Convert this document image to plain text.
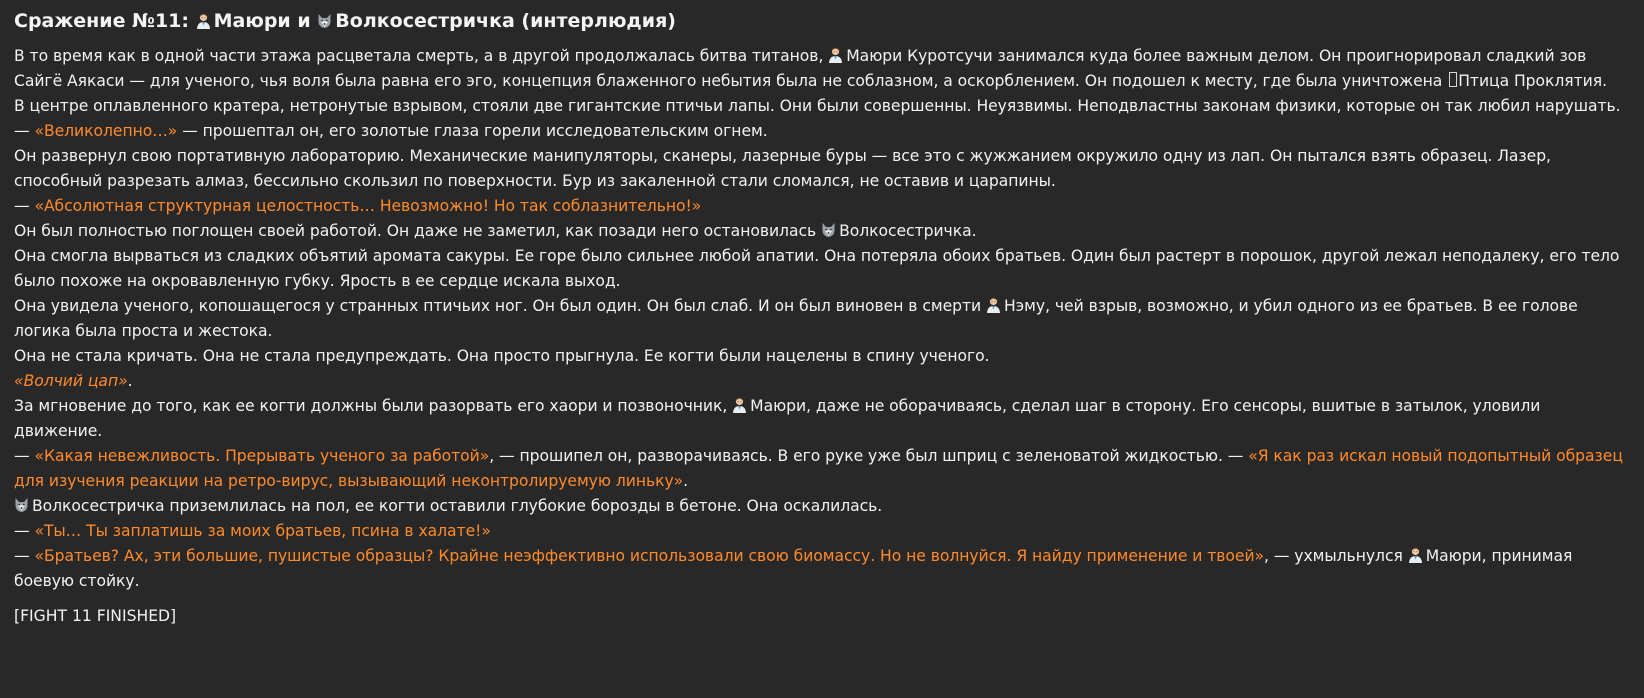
Сражение №11: Маюри и Волкосестричка (интерлюдия)

В то время как в одной части этажа расцветала смерть, а в другой продолжалась битва титанов, Маюри Куротсучи занимался куда более важным делом. Он проигнорировал сладкий зов Сайгё Аякаси — для ученого, чья воля была равна его эго, концепция блаженного небытия была не соблазном, а оскорблением. Он подошел к месту, где была уничтожена Птица Проклятия.

В центре оплавленного кратера, нетронутые взрывом, стояли две гигантские птичьи лапы. Они были совершенны. Неуязвимы. Неподвластны законам физики, которые он так любил нарушать.

— «Великолепно…» — прошептал он, его золотые глаза горели исследовательским огнем.

Он развернул свою портативную лабораторию. Механические манипуляторы, сканеры, лазерные буры — все это с жужжанием окружило одну из лап. Он пытался взять образец. Лазер, способный разрезать алмаз, бессильно скользил по поверхности. Бур из закаленной стали сломался, не оставив и царапины.

— «Абсолютная структурная целостность… Невозможно! Но так соблазнительно!»

Он был полностью поглощен своей работой. Он даже не заметил, как позади него остановилась Волкосестричка.

Она смогла вырваться из сладких объятий аромата сакуры. Ее горе было сильнее любой апатии. Она потеряла обоих братьев. Один был растерт в порошок, другой лежал неподалеку, его тело было похоже на окровавленную губку. Ярость в ее сердце искала выход.

Она увидела ученого, копошащегося у странных птичьих ног. Он был один. Он был слаб. И он был виновен в смерти Нэму, чей взрыв, возможно, и убил одного из ее братьев. В ее голове логика была проста и жестока.

Она не стала кричать. Она не стала предупреждать. Она просто прыгнула. Ее когти были нацелены в спину ученого.

«Волчий цап».

За мгновение до того, как ее когти должны были разорвать его хаори и позвоночник, Маюри, даже не оборачиваясь, сделал шаг в сторону. Его сенсоры, вшитые в затылок, уловили движение.

— «Какая невежливость. Прерывать ученого за работой», — прошипел он, разворачиваясь. В его руке уже был шприц с зеленоватой жидкостью. — «Я как раз искал новый подопытный образец для изучения реакции на ретро-вирус, вызывающий неконтролируемую линьку».

Волкосестричка приземлилась на пол, ее когти оставили глубокие борозды в бетоне. Она оскалилась.

— «Ты… Ты заплатишь за моих братьев, псина в халате!»

— «Братьев? Ах, эти большие, пушистые образцы? Крайне неэффективно использовали свою биомассу. Но не волнуйся. Я найду применение и твоей», — ухмыльнулся Маюри, принимая боевую стойку.

[FIGHT 11 FINISHED]
